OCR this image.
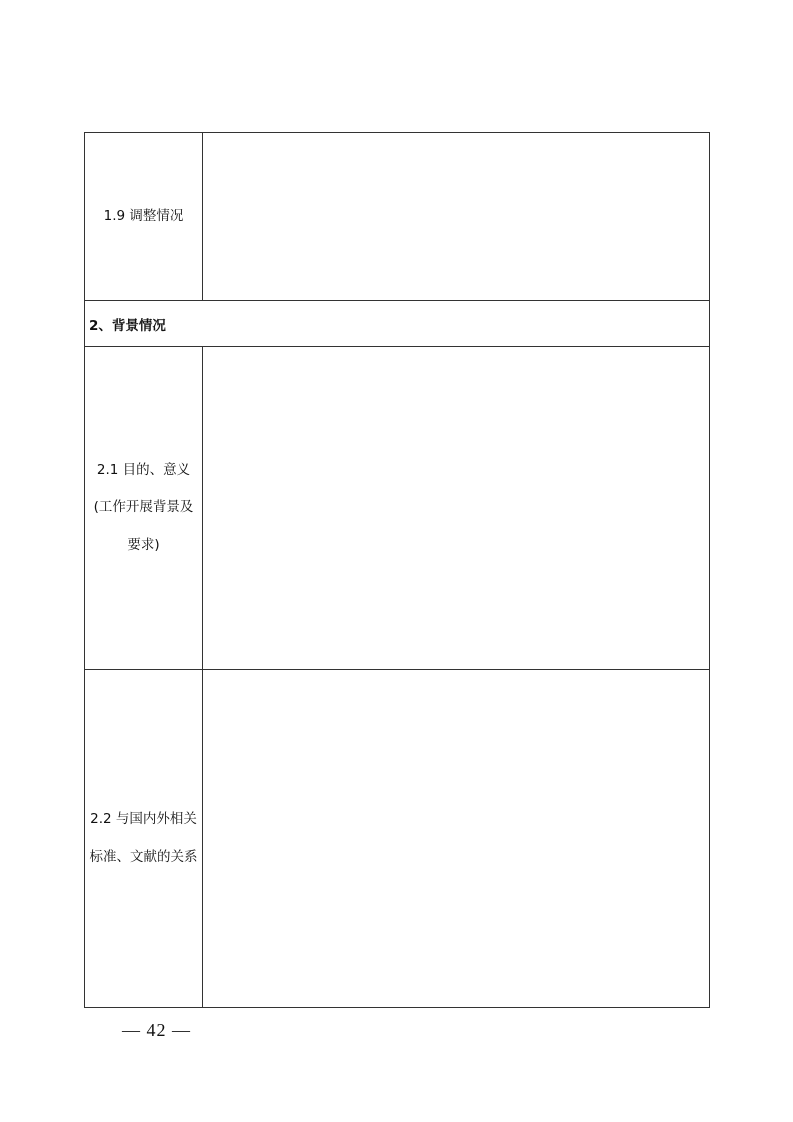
1.9 调整情况	

2、背景情况	

2.1 目的、意义
(工作开展背景及
要求)	

2.2 与国内外相关
标准、文献的关系	

— 42 —
